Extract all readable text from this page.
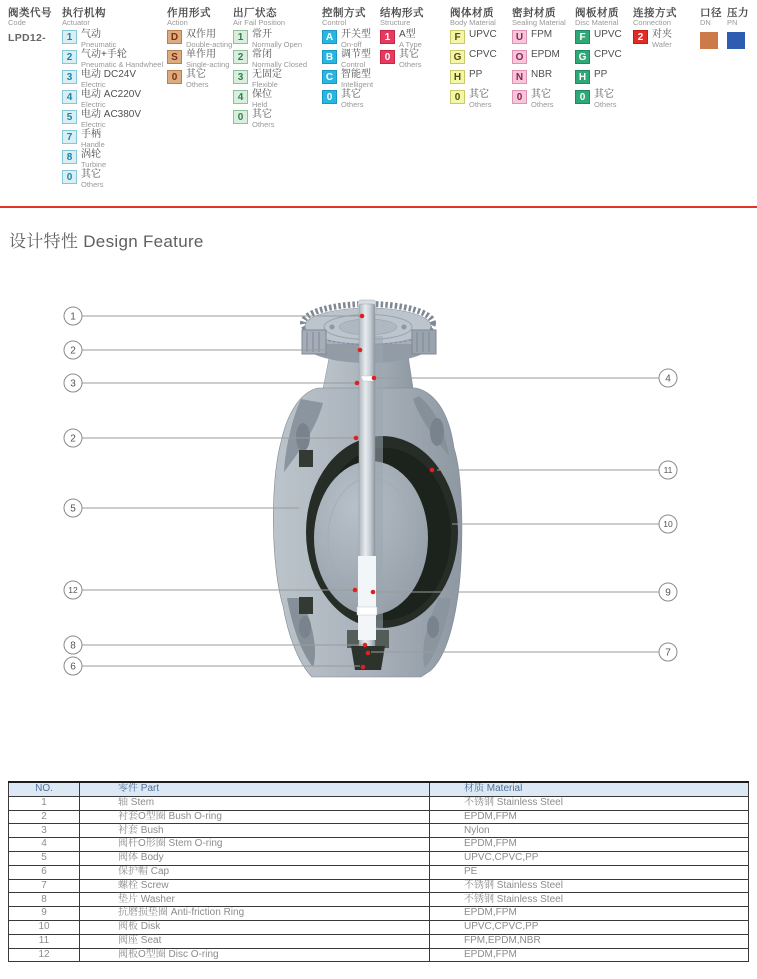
1
2
3
2
5
12
8
6
4
11
10
9
7
阀类代号
Code
LPD12-
执行机构
Actuator
1 气动
Pneumatic
2 气动+手轮
Pneumatic & Handwheel
3 电动 DC24V
Electric
4 电动 AC220V
Electric
5 电动 AC380V
Electric
7 手柄
Handle
8 涡轮
Turbine
0 其它
Others
作用形式
Action
D 双作用
Double-acting
S 单作用
Single-acting
0 其它
Others
出厂状态
Air Fail Position
1 常开
Normally Open
2 常闭
Normally Closed
3 无固定
Flexible
4 保位
Held
0 其它
Others
控制方式
Control
A 开关型
On-off
B 调节型
Control
C 智能型
Intelligent
0 其它
Others
结构形式
Structure
1 A型
A Type
0 其它
Others
阀体材质
Body Material
F UPVC
G CPVC
H PP
0 其它
Others
密封材质
Sealing Material
U FPM
O EPDM
N NBR
0 其它
Others
阀板材质
Disc Material
F UPVC
G CPVC
H PP
0 其它
Others
连接方式
Connection
2 对夹
Wafer
口径
DN
压力
PN
设计特性 Design Feature
NO.	零件 Part	材质 Material
1	轴 Stem	不锈钢 Stainless Steel
2	衬套O型圈 Bush O-ring	EPDM,FPM
3	衬套 Bush	Nylon
4	阀杆O形圈 Stem O-ring	EPDM,FPM
5	阀体 Body	UPVC,CPVC,PP
6	保护帽 Cap	PE
7	螺栓 Screw	不锈钢 Stainless Steel
8	垫片 Washer	不锈钢 Stainless Steel
9	抗磨损垫圈 Anti-friction Ring	EPDM,FPM
10	阀板 Disk	UPVC,CPVC,PP
11	阀座 Seat	FPM,EPDM,NBR
12	阀板O型圈 Disc O-ring	EPDM,FPM
